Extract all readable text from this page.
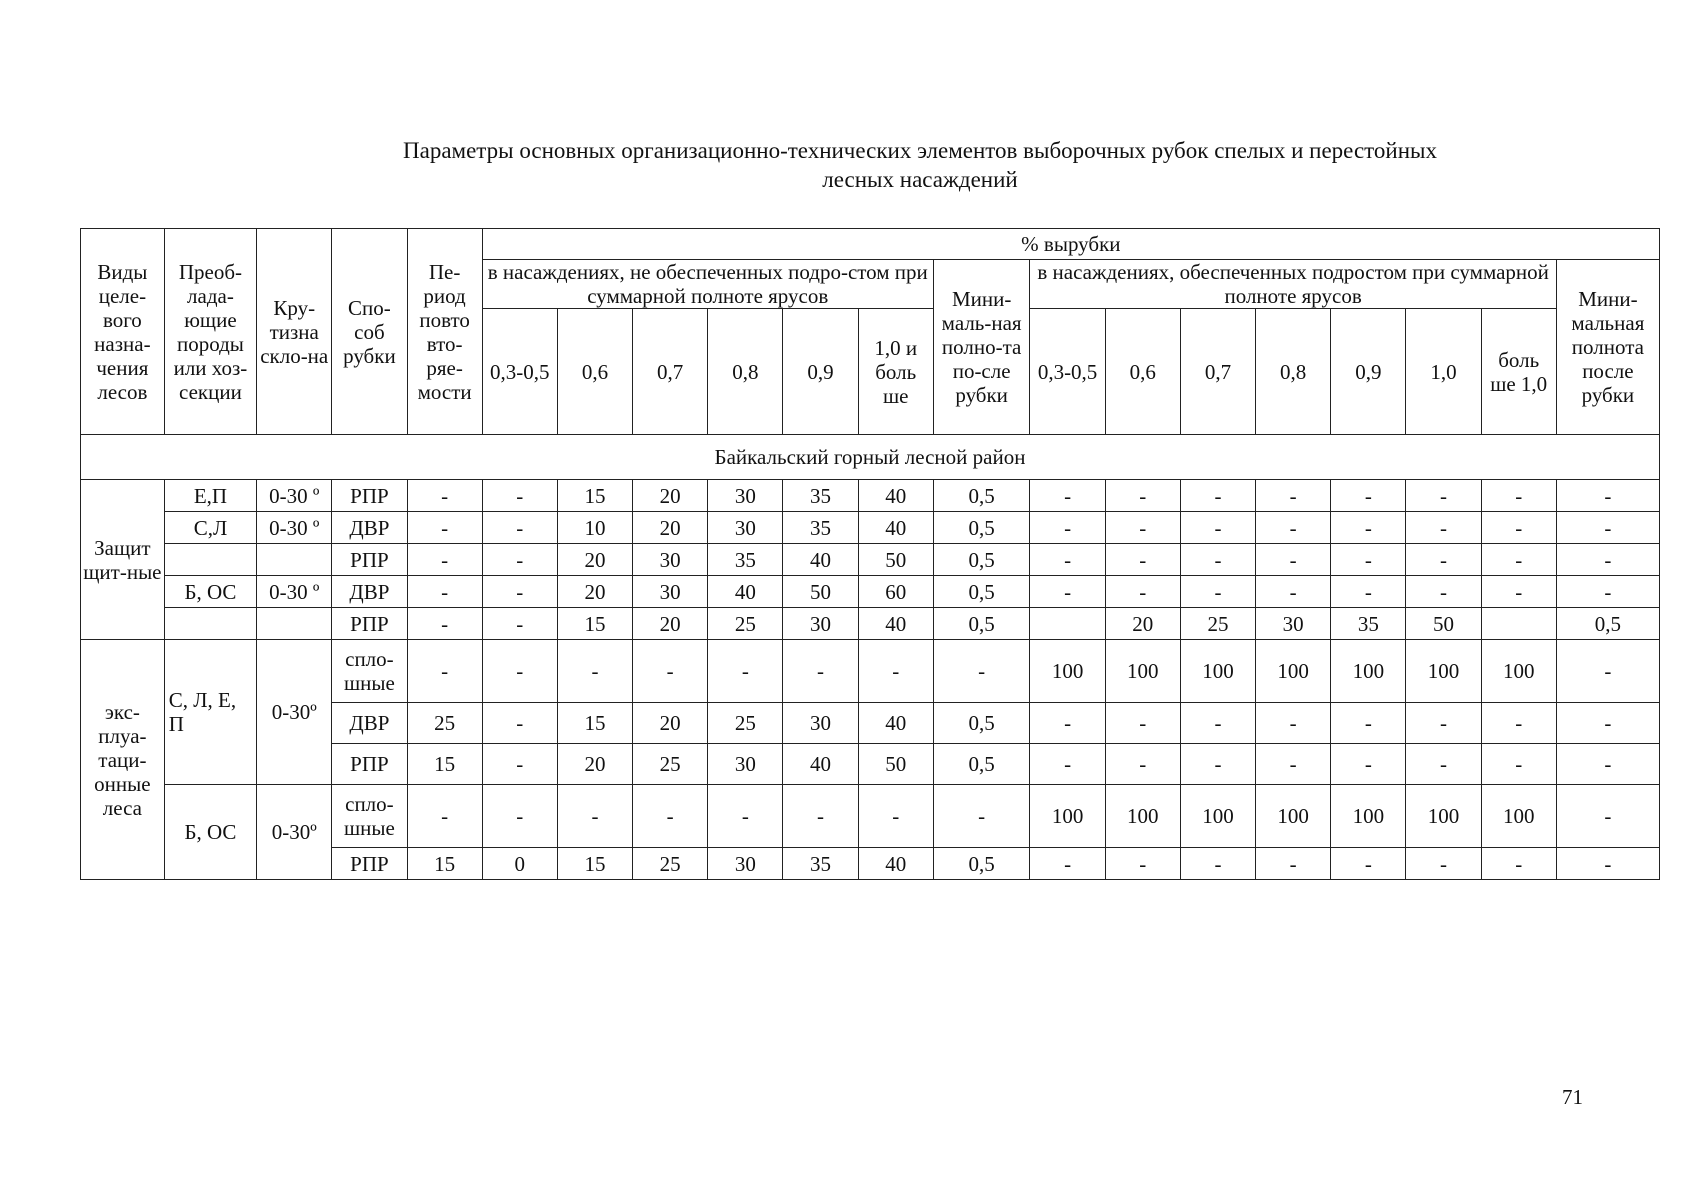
Параметры основных организационно-технических элементов выборочных рубок спелых и перестойных
лесных насаждений
Виды целе-вого назна-чения лесов	Преоб-лада-ющие породы или хоз-секции	Кру-тизна скло-на	Спо-соб рубки	Пе-риод повто вто-ряе-мости	% вырубки														
					в насаждениях, не обеспеченных подро-стом при суммарной полноте ярусов						Мини-маль-ная полно-та по-сле рубки	в насаждениях, обеспеченных подростом при суммарной полноте ярусов							Мини-мальная полнота после рубки
					0,3-0,5	0,6	0,7	0,8	0,9	1,0 и боль ше		0,3-0,5	0,6	0,7	0,8	0,9	1,0	боль ше 1,0	
Байкальский горный лесной район																			
Защит щит-ные	Е,П	0-30 º	РПР	-	-	15	20	30	35	40	0,5	-	-	-	-	-	-	-	-
	С,Л	0-30 º	ДВР	-	-	10	20	30	35	40	0,5	-	-	-	-	-	-	-	-
			РПР	-	-	20	30	35	40	50	0,5	-	-	-	-	-	-	-	-
	Б, ОС	0-30 º	ДВР	-	-	20	30	40	50	60	0,5	-	-	-	-	-	-	-	-
			РПР	-	-	15	20	25	30	40	0,5		20	25	30	35	50		0,5
экс-плуа-таци-онные леса	С, Л, Е, П	0-30º	спло-шные	-	-	-	-	-	-	-	-	100	100	100	100	100	100	100	-
			ДВР	25	-	15	20	25	30	40	0,5	-	-	-	-	-	-	-	-
			РПР	15	-	20	25	30	40	50	0,5	-	-	-	-	-	-	-	-
	Б, ОС	0-30º	спло-шные	-	-	-	-	-	-	-	-	100	100	100	100	100	100	100	-
			РПР	15	0	15	25	30	35	40	0,5	-	-	-	-	-	-	-	-
71
